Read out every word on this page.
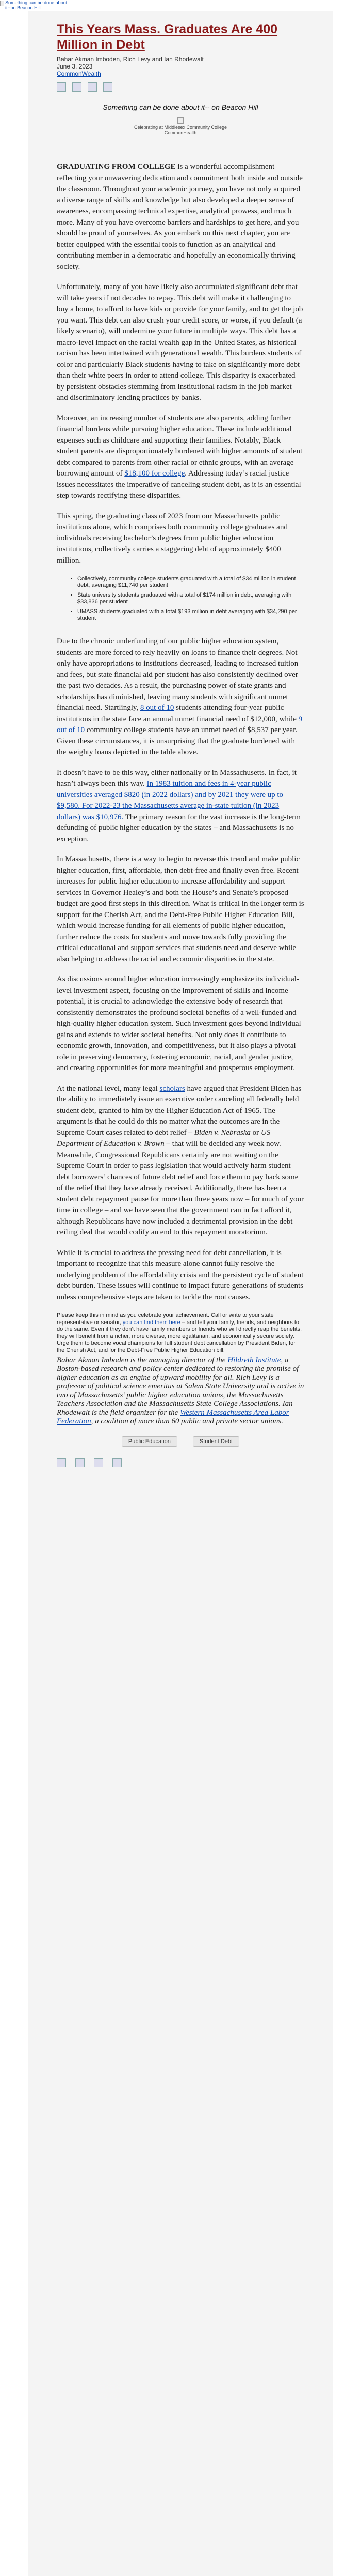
Something can be done about it--on Beacon Hill
This Years Mass. Graduates Are 400 Million in Debt
Bahar Akman Imboden, Rich Levy and Ian Rhodewalt
June 3, 2023
CommonWealth
Something can be done about it-- on Beacon Hill
Celebrating at Middlesex Community College
CommonHealth

GRADUATING FROM COLLEGE is a wonderful accomplishment reflecting your unwavering dedication and commitment both inside and outside the classroom. Throughout your academic journey, you have not only acquired a diverse range of skills and knowledge but also developed a deeper sense of awareness, encompassing technical expertise, analytical prowess, and much more. Many of you have overcome barriers and hardships to get here, and you should be proud of yourselves. As you embark on this next chapter, you are better equipped with the essential tools to function as an analytical and contributing member in a democratic and hopefully an economically thriving society.

Unfortunately, many of you have likely also accumulated significant debt that will take years if not decades to repay. This debt will make it challenging to buy a home, to afford to have kids or provide for your family, and to get the job you want. This debt can also crush your credit score, or worse, if you default (a likely scenario), will undermine your future in multiple ways. This debt has a macro-level impact on the racial wealth gap in the United States, as historical racism has been intertwined with generational wealth. This burdens students of color and particularly Black students having to take on significantly more debt than their white peers in order to attend college. This disparity is exacerbated by persistent obstacles stemming from institutional racism in the job market and discriminatory lending practices by banks.

Moreover, an increasing number of students are also parents, adding further financial burdens while pursuing higher education. These include additional expenses such as childcare and supporting their families. Notably, Black student parents are disproportionately burdened with higher amounts of student debt compared to parents from other racial or ethnic groups, with an average borrowing amount of $18,100 for college. Addressing today’s racial justice issues necessitates the imperative of canceling student debt, as it is an essential step towards rectifying these disparities.

This spring, the graduating class of 2023 from our Massachusetts public institutions alone, which comprises both community college graduates and individuals receiving bachelor’s degrees from public higher education institutions, collectively carries a staggering debt of approximately $400 million.

• Collectively, community college students graduated with a total of $34 million in student debt, averaging $11,740 per student
• State university students graduated with a total of $174 million in debt, averaging with $33,836 per student
• UMASS students graduated with a total $193 million in debt averaging with $34,290 per student

Due to the chronic underfunding of our public higher education system, students are more forced to rely heavily on loans to finance their degrees. Not only have appropriations to institutions decreased, leading to increased tuition and fees, but state financial aid per student has also consistently declined over the past two decades. As a result, the purchasing power of state grants and scholarships has diminished, leaving many students with significant unmet financial need. Startlingly, 8 out of 10 students attending four-year public institutions in the state face an annual unmet financial need of $12,000, while 9 out of 10 community college students have an unmet need of $8,537 per year. Given these circumstances, it is unsurprising that the graduate burdened with the weighty loans depicted in the table above.

It doesn’t have to be this way, either nationally or in Massachusetts. In fact, it hasn’t always been this way. In 1983 tuition and fees in 4-year public universities averaged $820 (in 2022 dollars) and by 2021 they were up to $9,580. For 2022-23 the Massachusetts average in-state tuition (in 2023 dollars) was $10,976. The primary reason for the vast increase is the long-term defunding of public higher education by the states – and Massachusetts is no exception.

In Massachusetts, there is a way to begin to reverse this trend and make public higher education, first, affordable, then debt-free and finally even free. Recent increases for public higher education to increase affordability and support services in Governor Healey’s and both the House’s and Senate’s proposed budget are good first steps in this direction. What is critical in the longer term is support for the Cherish Act, and the Debt-Free Public Higher Education Bill, which would increase funding for all elements of public higher education, further reduce the costs for students and move towards fully providing the critical educational and support services that students need and deserve while also helping to address the racial and economic disparities in the state.

As discussions around higher education increasingly emphasize its individual-level investment aspect, focusing on the improvement of skills and income potential, it is crucial to acknowledge the extensive body of research that consistently demonstrates the profound societal benefits of a well-funded and high-quality higher education system. Such investment goes beyond individual gains and extends to wider societal benefits. Not only does it contribute to economic growth, innovation, and competitiveness, but it also plays a pivotal role in preserving democracy, fostering economic, racial, and gender justice, and creating opportunities for more meaningful and prosperous employment.

At the national level, many legal scholars have argued that President Biden has the ability to immediately issue an executive order canceling all federally held student debt, granted to him by the Higher Education Act of 1965. The argument is that he could do this no matter what the outcomes are in the Supreme Court cases related to debt relief – Biden v. Nebraska or US Department of Education v. Brown – that will be decided any week now. Meanwhile, Congressional Republicans certainly are not waiting on the Supreme Court in order to pass legislation that would actively harm student debt borrowers’ chances of future debt relief and force them to pay back some of the relief that they have already received. Additionally, there has been a student debt repayment pause for more than three years now – for much of your time in college – and we have seen that the government can in fact afford it, although Republicans have now included a detrimental provision in the debt ceiling deal that would codify an end to this repayment moratorium.

While it is crucial to address the pressing need for debt cancellation, it is important to recognize that this measure alone cannot fully resolve the underlying problem of the affordability crisis and the persistent cycle of student debt burden. These issues will continue to impact future generations of students unless comprehensive steps are taken to tackle the root causes.

Please keep this in mind as you celebrate your achievement. Call or write to your state representative or senator, you can find them here – and tell your family, friends, and neighbors to do the same. Even if they don’t have family members or friends who will directly reap the benefits, they will benefit from a richer, more diverse, more egalitarian, and economically secure society. Urge them to become vocal champions for full student debt cancellation by President Biden, for the Cherish Act, and for the Debt-Free Public Higher Education bill.
Bahar Akman Imboden is the managing director of the Hildreth Institute, a Boston-based research and policy center dedicated to restoring the promise of higher education as an engine of upward mobility for all. Rich Levy is a professor of political science emeritus at Salem State University and is active in two of Massachusetts’ public higher education unions, the Massachusetts Teachers Association and the Massachusetts State College Associations. Ian Rhodewalt is the field organizer for the Western Massachusetts Area Labor Federation, a coalition of more than 60 public and private sector unions.
Public Education	Student Debt
